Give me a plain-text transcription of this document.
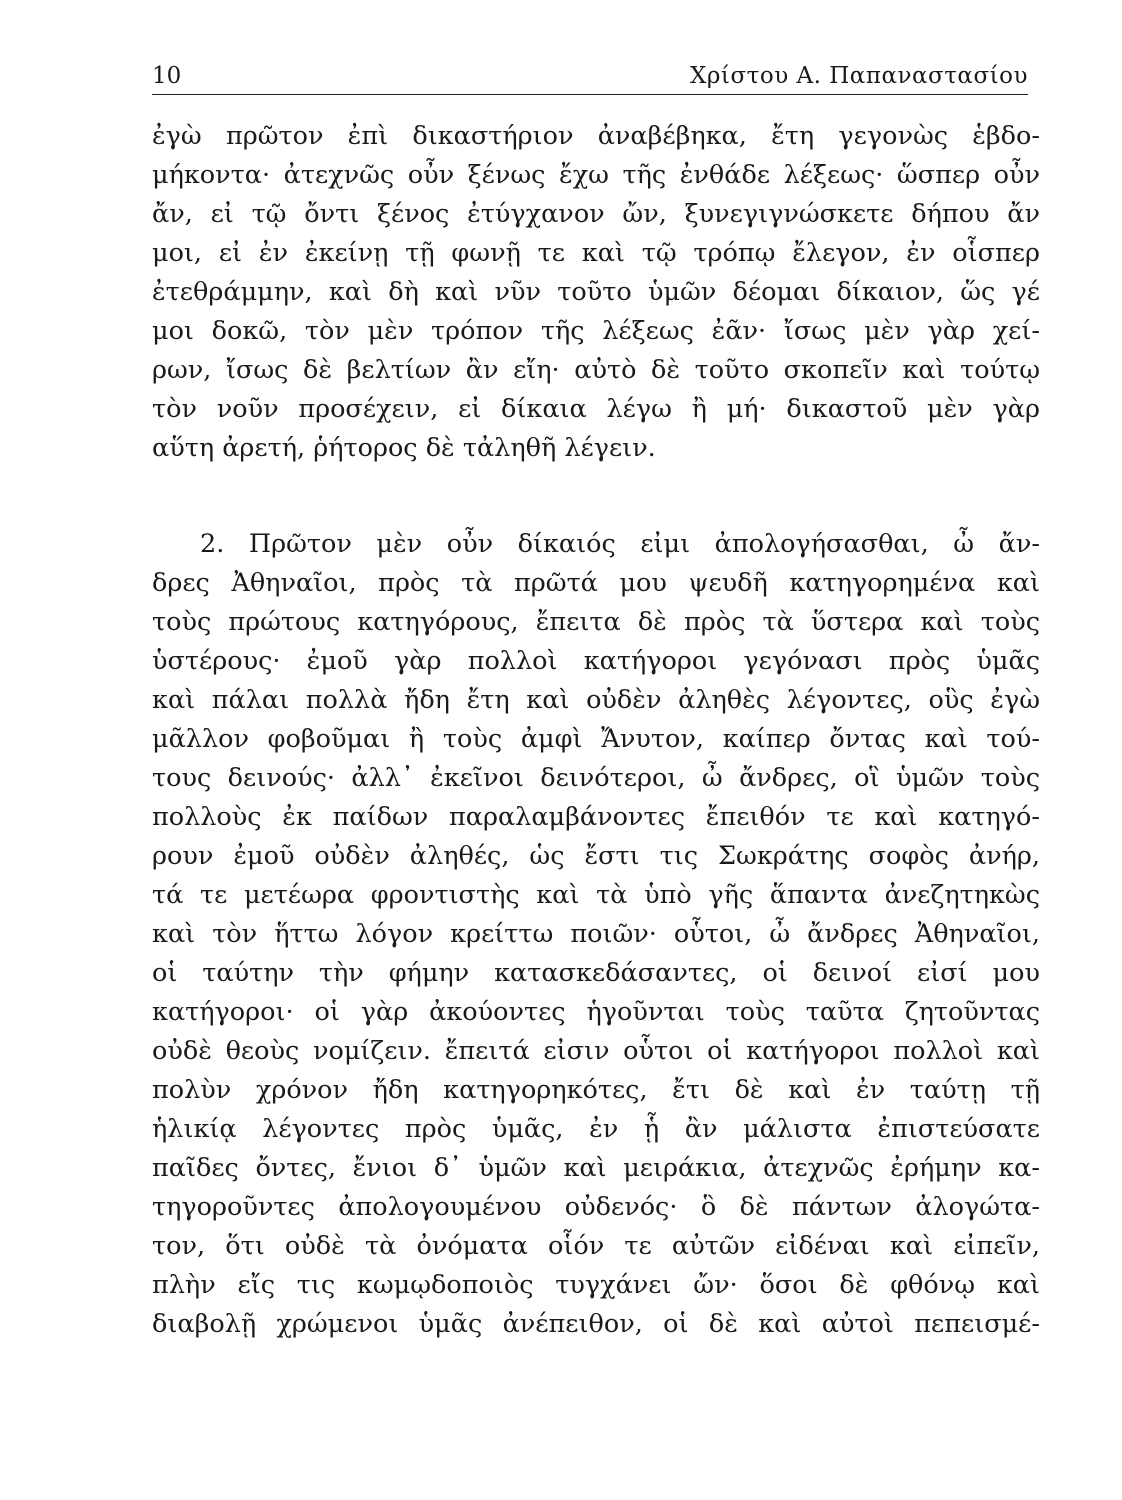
10	Χρίστου Α. Παπαναστασίου
ἐγὼ πρῶτον ἐπὶ δικαστήριον ἀναβέβηκα, ἔτη γεγονὼς ἑβδο-
μήκοντα· ἀτεχνῶς οὖν ξένως ἔχω τῆς ἐνθάδε λέξεως· ὥσπερ οὖν
ἄν, εἰ τῷ ὄντι ξένος ἐτύγχανον ὤν, ξυνεγιγνώσκετε δήπου ἄν
μοι, εἰ ἐν ἐκείνῃ τῇ φωνῇ τε καὶ τῷ τρόπῳ ἔλεγον, ἐν οἷσπερ
ἐτεθράμμην, καὶ δὴ καὶ νῦν τοῦτο ὑμῶν δέομαι δίκαιον, ὥς γέ
μοι δοκῶ, τὸν μὲν τρόπον τῆς λέξεως ἐᾶν· ἴσως μὲν γὰρ χεί-
ρων, ἴσως δὲ βελτίων ἂν εἴη· αὐτὸ δὲ τοῦτο σκοπεῖν καὶ τούτῳ
τὸν νοῦν προσέχειν, εἰ δίκαια λέγω ἢ μή· δικαστοῦ μὲν γὰρ
αὕτη ἀρετή, ῥήτορος δὲ τἀληθῆ λέγειν.
2. Πρῶτον μὲν οὖν δίκαιός εἰμι ἀπολογήσασθαι, ὦ ἄν-
δρες Ἀθηναῖοι, πρὸς τὰ πρῶτά μου ψευδῆ κατηγορημένα καὶ
τοὺς πρώτους κατηγόρους, ἔπειτα δὲ πρὸς τὰ ὕστερα καὶ τοὺς
ὑστέρους· ἐμοῦ γὰρ πολλοὶ κατήγοροι γεγόνασι πρὸς ὑμᾶς
καὶ πάλαι πολλὰ ἤδη ἔτη καὶ οὐδὲν ἀληθὲς λέγοντες, οὓς ἐγὼ
μᾶλλον φοβοῦμαι ἢ τοὺς ἀμφὶ Ἄνυτον, καίπερ ὄντας καὶ τού-
τους δεινούς· ἀλλ᾽ ἐκεῖνοι δεινότεροι, ὦ ἄνδρες, οἳ ὑμῶν τοὺς
πολλοὺς ἐκ παίδων παραλαμβάνοντες ἔπειθόν τε καὶ κατηγό-
ρουν ἐμοῦ οὐδὲν ἀληθές, ὡς ἔστι τις Σωκράτης σοφὸς ἀνήρ,
τά τε μετέωρα φροντιστὴς καὶ τὰ ὑπὸ γῆς ἅπαντα ἀνεζητηκὼς
καὶ τὸν ἥττω λόγον κρείττω ποιῶν· οὗτοι, ὦ ἄνδρες Ἀθηναῖοι,
οἱ ταύτην τὴν φήμην κατασκεδάσαντες, οἱ δεινοί εἰσί μου
κατήγοροι· οἱ γὰρ ἀκούοντες ἡγοῦνται τοὺς ταῦτα ζητοῦντας
οὐδὲ θεοὺς νομίζειν. ἔπειτά εἰσιν οὗτοι οἱ κατήγοροι πολλοὶ καὶ
πολὺν χρόνον ἤδη κατηγορηκότες, ἔτι δὲ καὶ ἐν ταύτῃ τῇ
ἡλικίᾳ λέγοντες πρὸς ὑμᾶς, ἐν ᾗ ἂν μάλιστα ἐπιστεύσατε
παῖδες ὄντες, ἔνιοι δ᾽ ὑμῶν καὶ μειράκια, ἀτεχνῶς ἐρήμην κα-
τηγοροῦντες ἀπολογουμένου οὐδενός· ὃ δὲ πάντων ἀλογώτα-
τον, ὅτι οὐδὲ τὰ ὀνόματα οἷόν τε αὐτῶν εἰδέναι καὶ εἰπεῖν,
πλὴν εἴς τις κωμῳδοποιὸς τυγχάνει ὤν· ὅσοι δὲ φθόνῳ καὶ
διαβολῇ χρώμενοι ὑμᾶς ἀνέπειθον, οἱ δὲ καὶ αὐτοὶ πεπεισμέ-
